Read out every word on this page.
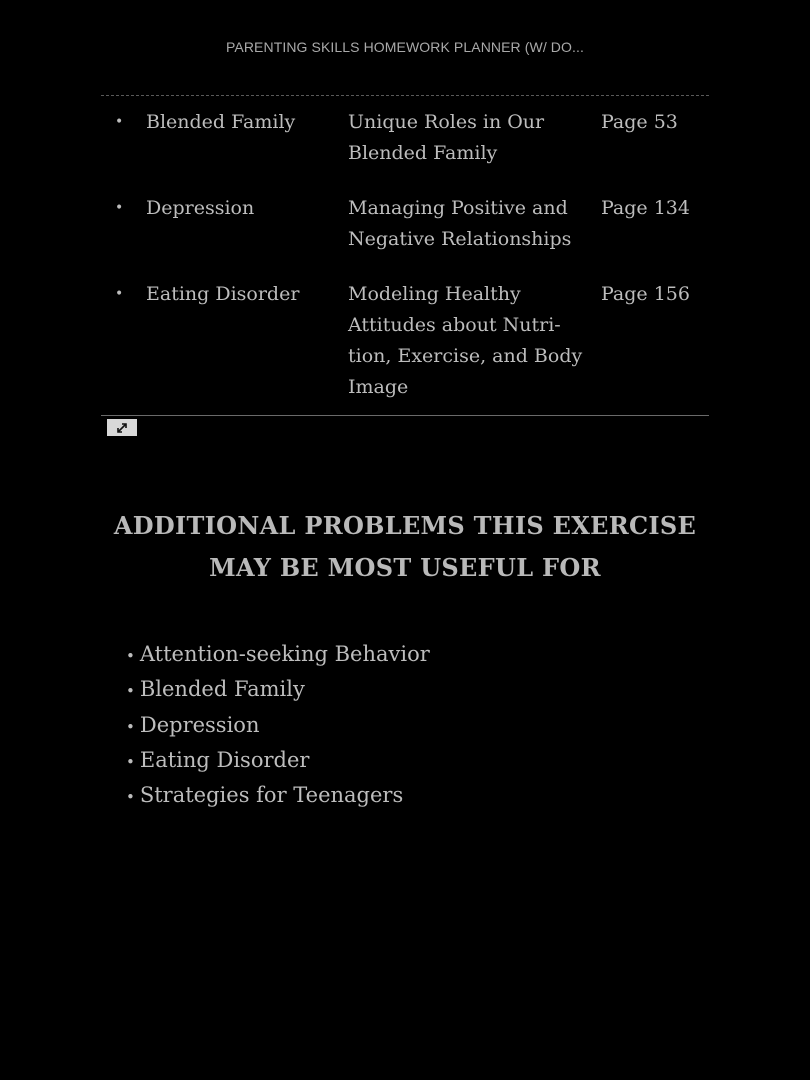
PARENTING SKILLS HOMEWORK PLANNER (W/ DO...
•	Blended Family	Unique Roles in Our Blended Family	Page 53
•	Depression	Managing Positive and Negative Relationships	Page 134
•	Eating Disorder	Modeling Healthy Attitudes about Nutri-tion, Exercise, and Body Image	Page 156
ADDITIONAL PROBLEMS THIS EXERCISE
MAY BE MOST USEFUL FOR
• Attention-seeking Behavior
• Blended Family
• Depression
• Eating Disorder
• Strategies for Teenagers
